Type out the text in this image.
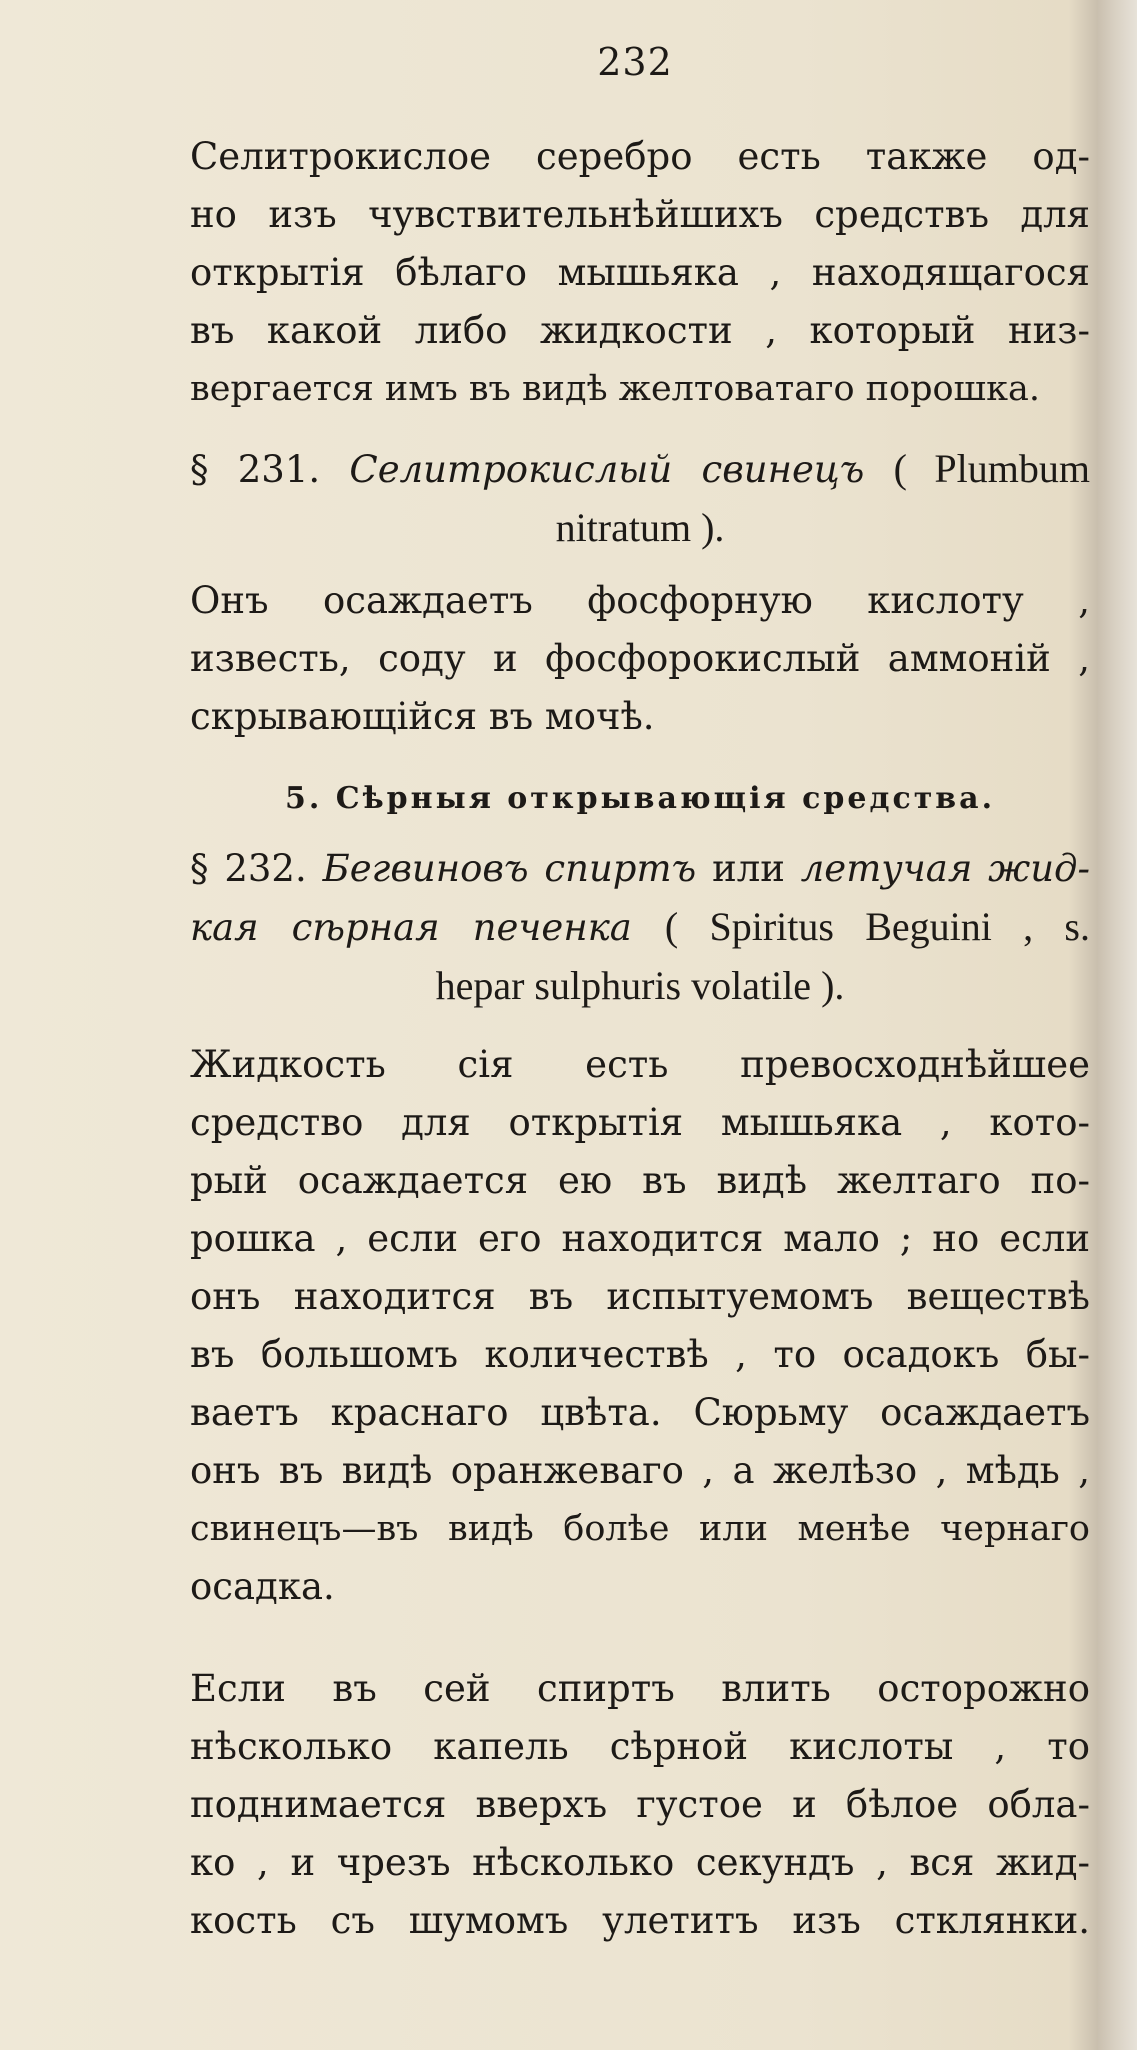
232
Селитрокислое серебро есть также од-
но изъ чувствительнѣйшихъ средствъ для
открытія бѣлаго мышьяка , находящагося
въ какой либо жидкости , который низ-
вергается имъ въ видѣ желтоватаго порошка.
§ 231. Селитрокислый свинецъ ( Plumbum
nitratum ).
Онъ осаждаетъ фосфорную кислоту ,
известь, соду и фосфорокислый аммоній ,
скрывающійся въ мочѣ.
5. Сѣрныя открывающія средства.
§ 232. Бегвиновъ спиртъ или летучая жид-
кая сѣрная печенка ( Spiritus Beguini , s.
hepar sulphuris volatile ).
Жидкость сія есть превосходнѣйшее
средство для открытія мышьяка , кото-
рый осаждается ею въ видѣ желтаго по-
рошка , если его находится мало ; но если
онъ находится въ испытуемомъ веществѣ
въ большомъ количествѣ , то осадокъ бы-
ваетъ краснаго цвѣта. Сюрьму осаждаетъ
онъ въ видѣ оранжеваго , а желѣзо , мѣдь ,
свинецъ—въ видѣ болѣе или менѣе чернаго
осадка.
Если въ сей спиртъ влить осторожно
нѣсколько капель сѣрной кислоты , то
поднимается вверхъ густое и бѣлое обла-
ко , и чрезъ нѣсколько секундъ , вся жид-
кость съ шумомъ улетитъ изъ стклянки.
